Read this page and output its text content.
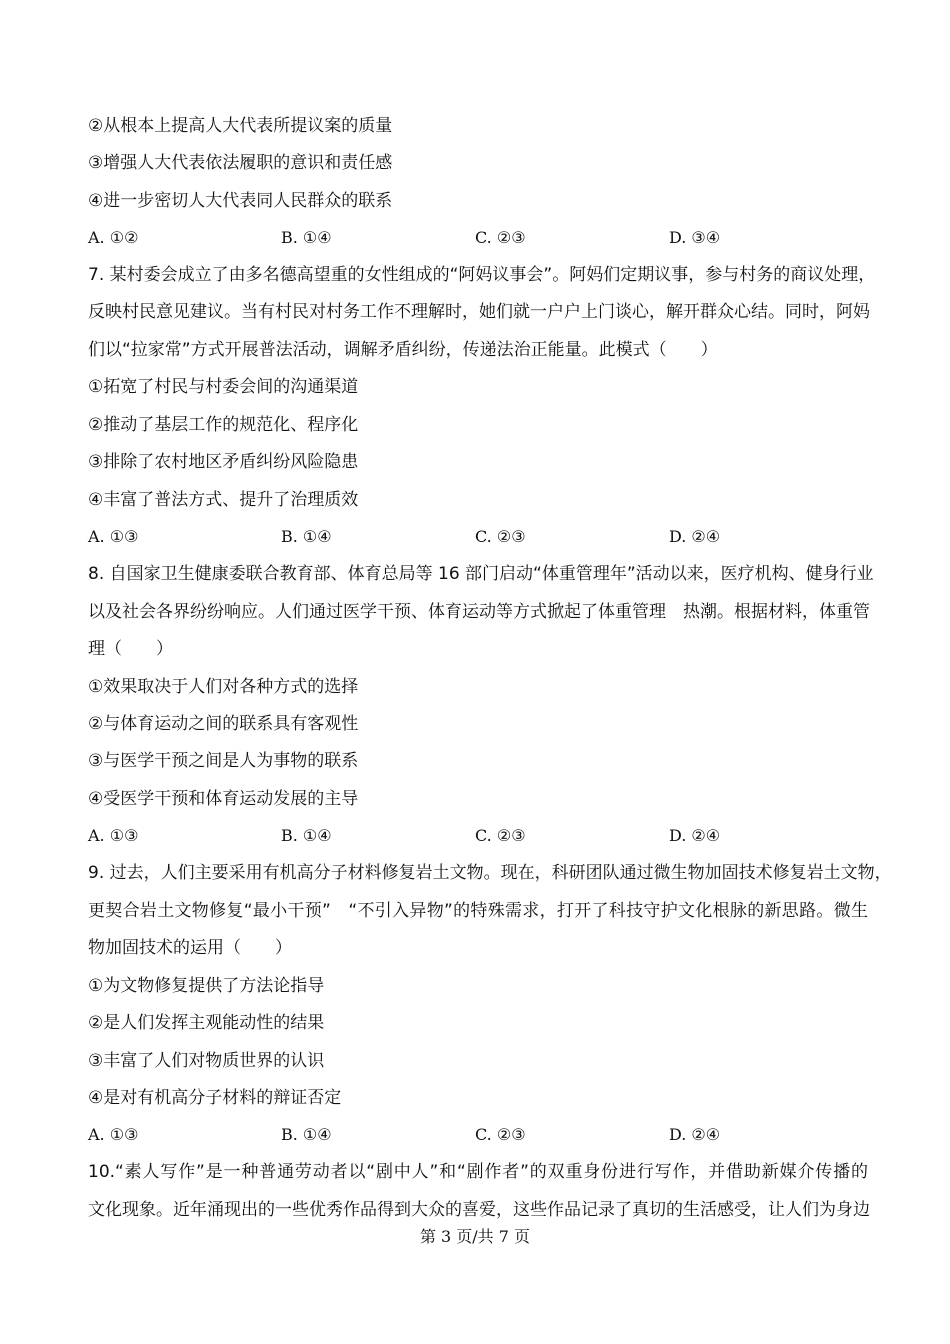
②从根本上提高人大代表所提议案的质量
③增强人大代表依法履职的意识和责任感
④进一步密切人大代表同人民群众的联系
A. ①②	B. ①④	C. ②③	D. ③④
7. 某村委会成立了由多名德高望重的女性组成的“阿妈议事会”。阿妈们定期议事，参与村务的商议处理，
反映村民意见建议。当有村民对村务工作不理解时，她们就一户户上门谈心，解开群众心结。同时，阿妈
们以“拉家常”方式开展普法活动，调解矛盾纠纷，传递法治正能量。此模式（　　）
①拓宽了村民与村委会间的沟通渠道
②推动了基层工作的规范化、程序化
③排除了农村地区矛盾纠纷风险隐患
④丰富了普法方式、提升了治理质效
A. ①③	B. ①④	C. ②③	D. ②④
8. 自国家卫生健康委联合教育部、体育总局等 16 部门启动“体重管理年”活动以来，医疗机构、健身行业
以及社会各界纷纷响应。人们通过医学干预、体育运动等方式掀起了体重管理　热潮。根据材料，体重管
理（　　）
①效果取决于人们对各种方式的选择
②与体育运动之间的联系具有客观性
③与医学干预之间是人为事物的联系
④受医学干预和体育运动发展的主导
A. ①③	B. ①④	C. ②③	D. ②④
9. 过去，人们主要采用有机高分子材料修复岩土文物。现在，科研团队通过微生物加固技术修复岩土文物，
更契合岩土文物修复“最小干预”　“不引入异物”的特殊需求，打开了科技守护文化根脉的新思路。微生
物加固技术的运用（　　）
①为文物修复提供了方法论指导
②是人们发挥主观能动性的结果
③丰富了人们对物质世界的认识
④是对有机高分子材料的辩证否定
A. ①③	B. ①④	C. ②③	D. ②④
10.“素人写作”是一种普通劳动者以“剧中人”和“剧作者”的双重身份进行写作，并借助新媒介传播的
文化现象。近年涌现出的一些优秀作品得到大众的喜爱，这些作品记录了真切的生活感受，让人们为身边
第 3 页/共 7 页
